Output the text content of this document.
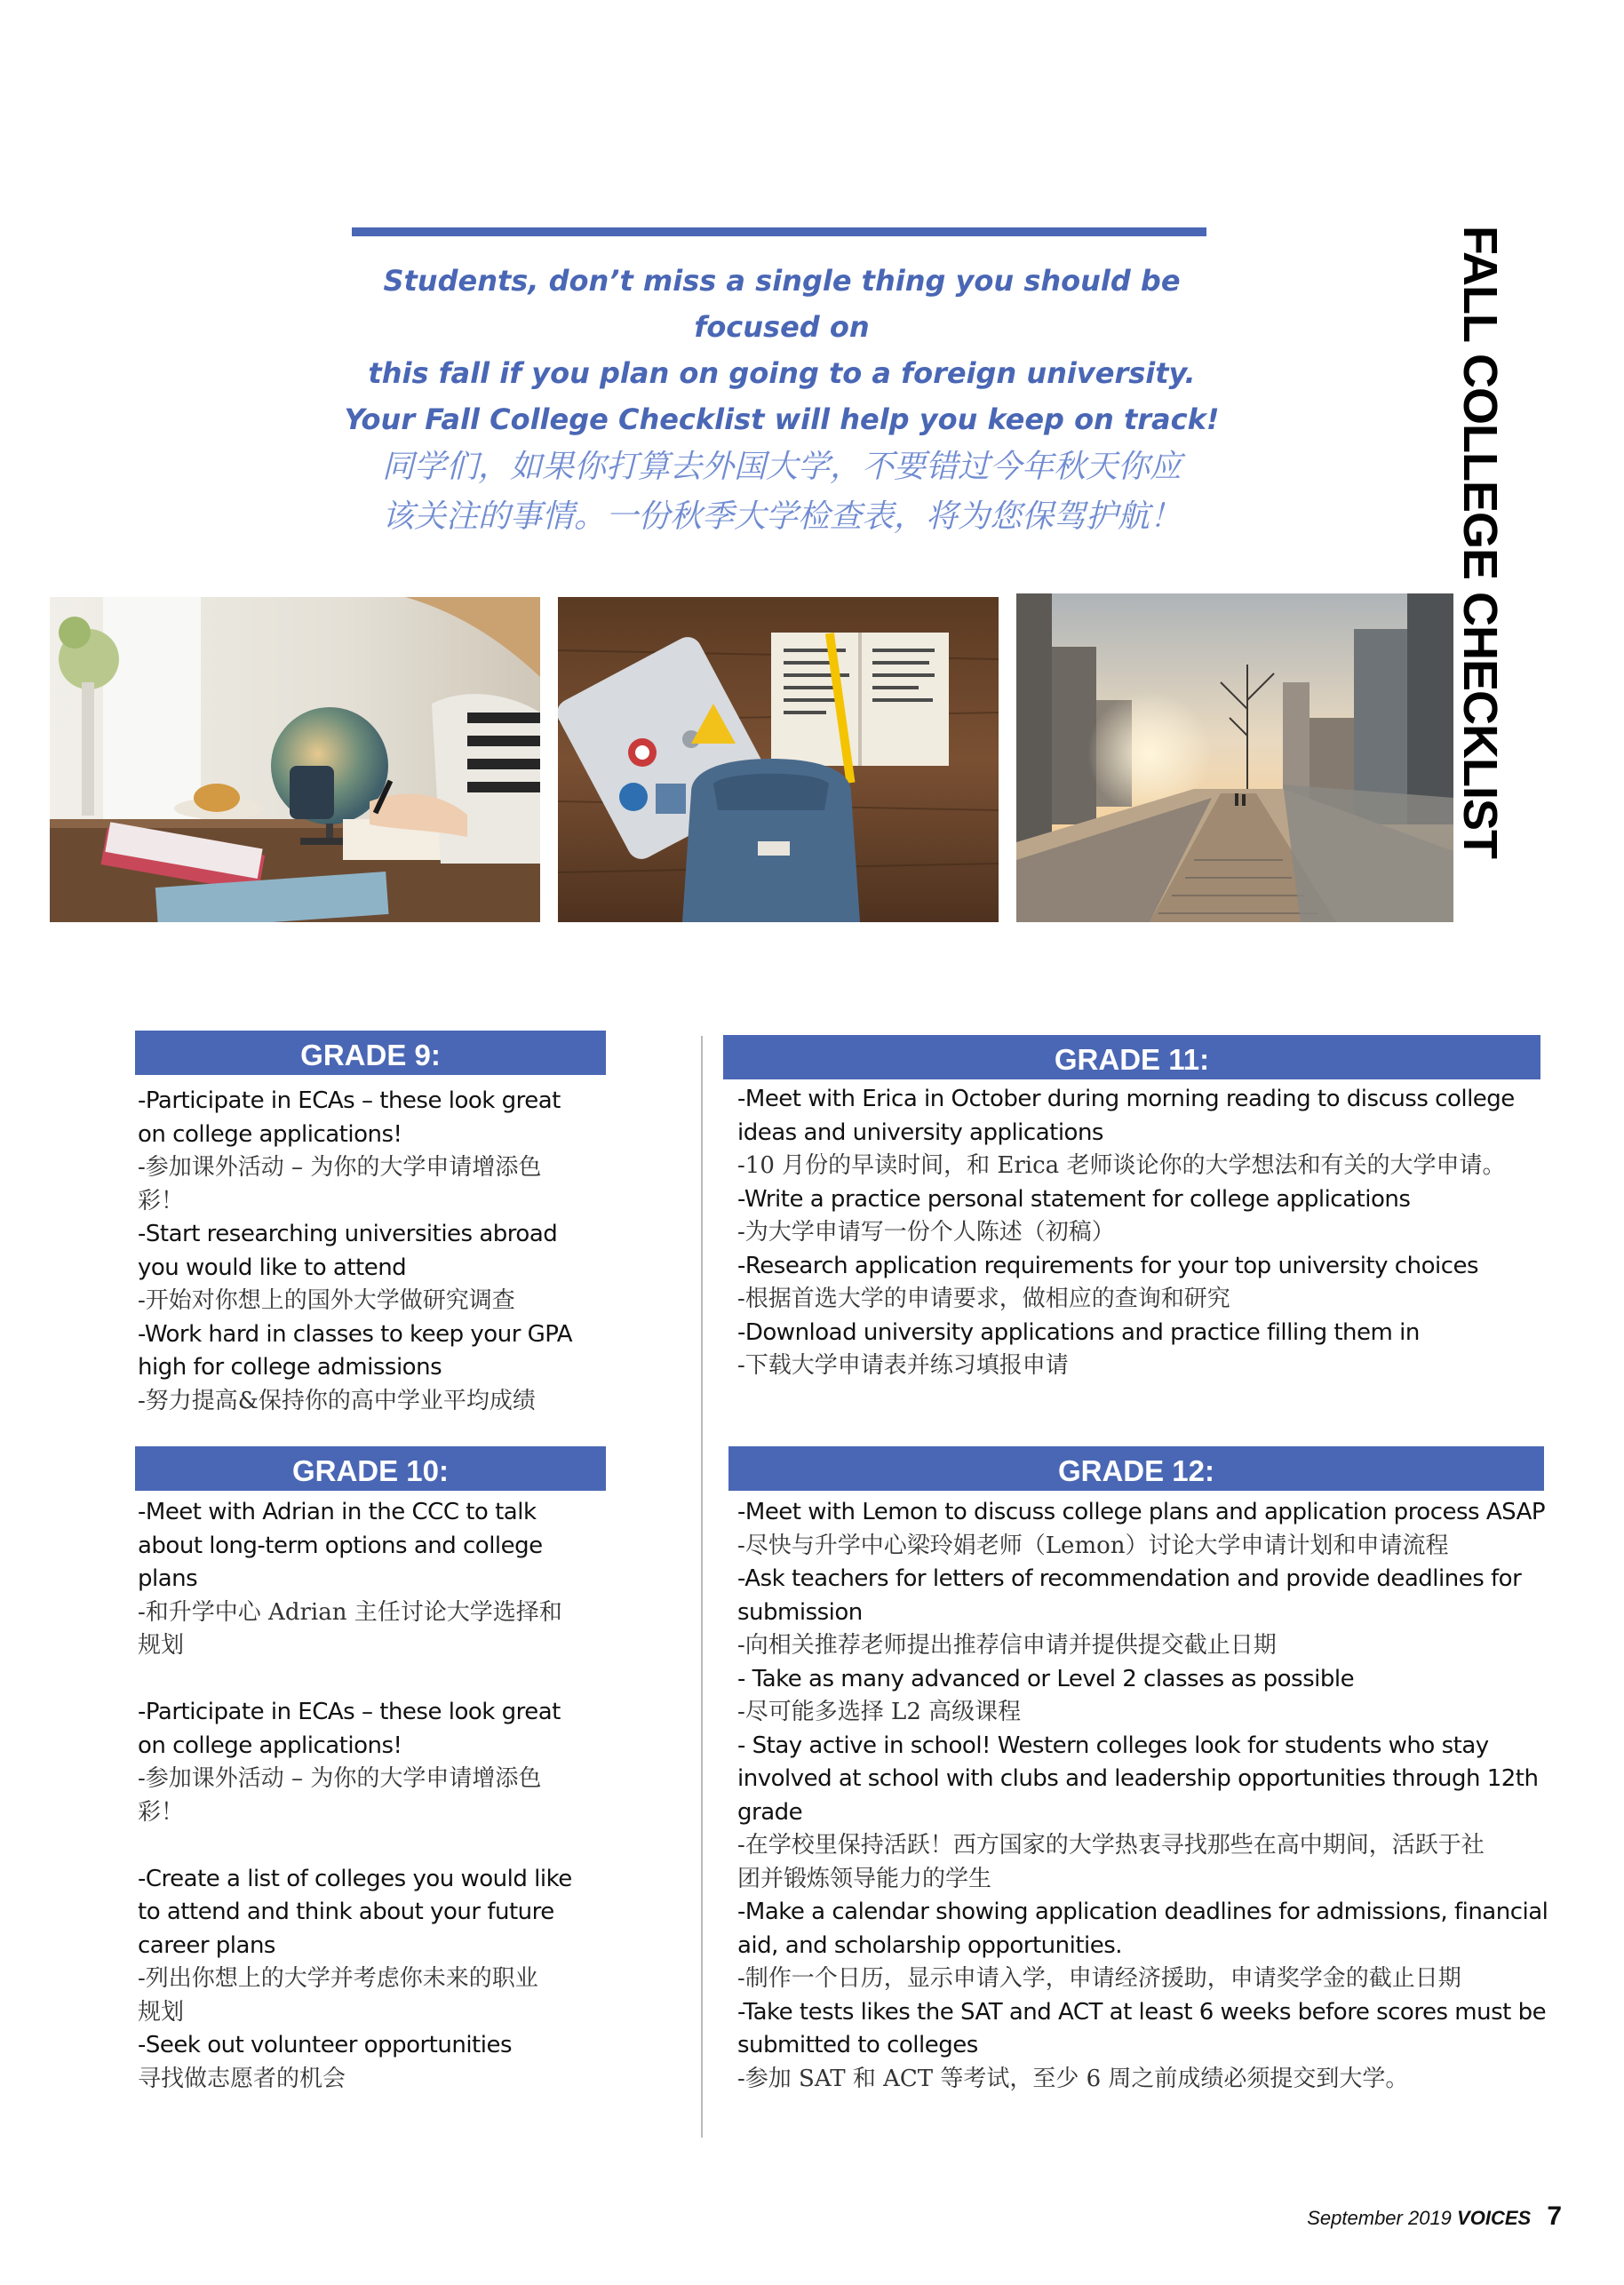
Students, don’t miss a single thing you should be focused on

this fall if you plan on going to a foreign university.

Your Fall College Checklist will help you keep on track!

同学们，如果你打算去外国大学，不要错过今年秋天你应

该关注的事情。一份秋季大学检查表，将为您保驾护航！	FALL COLLEGE CHECKLIST
GRADE 9:
-Participate in ECAs – these look great
on college applications!
-参加课外活动 – 为你的大学申请增添色
彩！
-Start researching universities abroad
you would like to attend
-开始对你想上的国外大学做研究调查
-Work hard in classes to keep your GPA
high for college admissions
-努力提高&保持你的高中学业平均成绩
GRADE 10:
-Meet with Adrian in the CCC to talk
about long-term options and college
plans
-和升学中心 Adrian 主任讨论大学选择和
规划
-Participate in ECAs – these look great
on college applications!
-参加课外活动 – 为你的大学申请增添色
彩！
-Create a list of colleges you would like
to attend and think about your future
career plans
-列出你想上的大学并考虑你未来的职业
规划
-Seek out volunteer opportunities
寻找做志愿者的机会
GRADE 11:
-Meet with Erica in October during morning reading to discuss college
ideas and university applications
-10 月份的早读时间，和 Erica 老师谈论你的大学想法和有关的大学申请。
-Write a practice personal statement for college applications
-为大学申请写一份个人陈述（初稿）
-Research application requirements for your top university choices
-根据首选大学的申请要求，做相应的查询和研究
-Download university applications and practice filling them in
-下载大学申请表并练习填报申请
GRADE 12:
-Meet with Lemon to discuss college plans and application process ASAP
-尽快与升学中心梁玲娟老师（Lemon）讨论大学申请计划和申请流程
-Ask teachers for letters of recommendation and provide deadlines for
submission
-向相关推荐老师提出推荐信申请并提供提交截止日期
- Take as many advanced or Level 2 classes as possible
-尽可能多选择 L2 高级课程
- Stay active in school! Western colleges look for students who stay
involved at school with clubs and leadership opportunities through 12th
grade
-在学校里保持活跃！西方国家的大学热衷寻找那些在高中期间，活跃于社
团并锻炼领导能力的学生
-Make a calendar showing application deadlines for admissions, financial
aid, and scholarship opportunities.
-制作一个日历，显示申请入学，申请经济援助，申请奖学金的截止日期
-Take tests likes the SAT and ACT at least 6 weeks before scores must be
submitted to colleges
-参加 SAT 和 ACT 等考试，至少 6 周之前成绩必须提交到大学。
September 2019 VOICES 7
